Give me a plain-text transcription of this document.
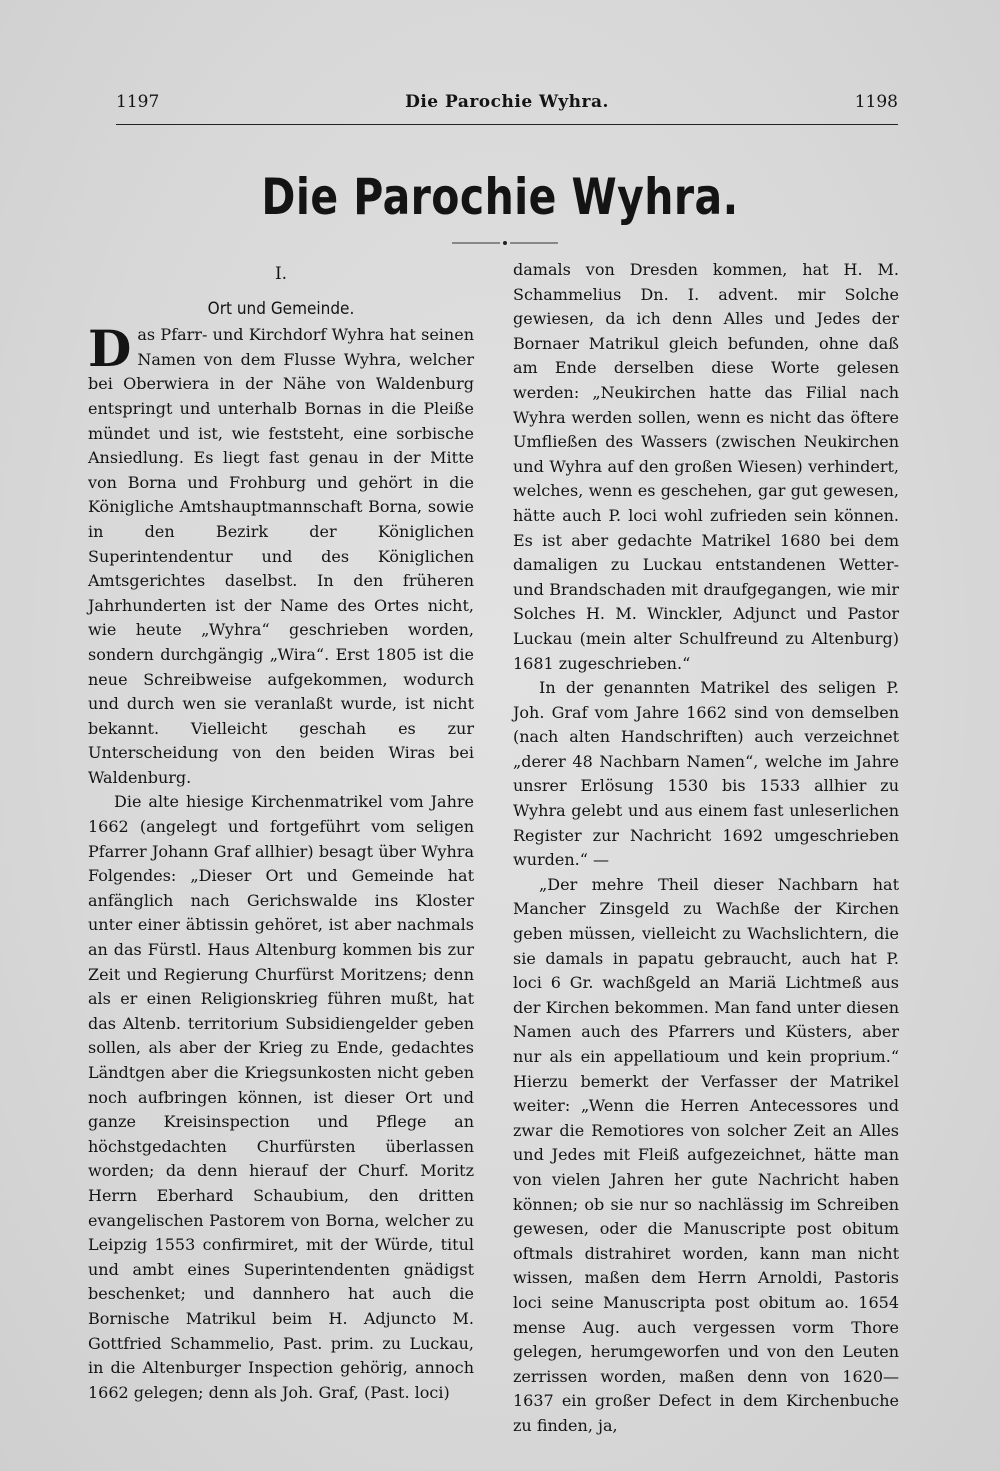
1197	Die Parochie Wyhra.	1198
Die Parochie Wyhra.
I.
Ort und Gemeinde.

Das Pfarr- und Kirchdorf Wyhra hat seinen Namen von dem Flusse Wyhra, welcher bei Oberwiera in der Nähe von Waldenburg entspringt und unterhalb Bornas in die Pleiße mündet und ist, wie feststeht, eine sorbische Ansiedlung. Es liegt fast genau in der Mitte von Borna und Frohburg und gehört in die Königliche Amtshauptmannschaft Borna, sowie in den Bezirk der Königlichen Superintendentur und des Königlichen Amtsgerichtes daselbst. In den früheren Jahrhunderten ist der Name des Ortes nicht, wie heute „Wyhra“ geschrieben worden, sondern durchgängig „Wira“. Erst 1805 ist die neue Schreibweise aufgekommen, wodurch und durch wen sie veranlaßt wurde, ist nicht bekannt. Vielleicht geschah es zur Unterscheidung von den beiden Wiras bei Waldenburg.

Die alte hiesige Kirchenmatrikel vom Jahre 1662 (angelegt und fortgeführt vom seligen Pfarrer Johann Graf allhier) besagt über Wyhra Folgendes: „Dieser Ort und Gemeinde hat anfänglich nach Gerichswalde ins Kloster unter einer äbtissin gehöret, ist aber nachmals an das Fürstl. Haus Altenburg kommen bis zur Zeit und Regierung Churfürst Moritzens; denn als er einen Religionskrieg führen mußt, hat das Altenb. territorium Subsidiengelder geben sollen, als aber der Krieg zu Ende, gedachtes Ländtgen aber die Kriegsunkosten nicht geben noch aufbringen können, ist dieser Ort und ganze Kreisinspection und Pflege an höchstgedachten Churfürsten überlassen worden; da denn hierauf der Churf. Moritz Herrn Eberhard Schaubium, den dritten evangelischen Pastorem von Borna, welcher zu Leipzig 1553 confirmiret, mit der Würde, titul und ambt eines Superintendenten gnädigst beschenket; und dannhero hat auch die Bornische Matrikul beim H. Adjuncto M. Gottfried Schammelio, Past. prim. zu Luckau, in die Altenburger Inspection gehörig, annoch 1662 gelegen; denn als Joh. Graf, (Past. loci)

damals von Dresden kommen, hat H. M. Schammelius Dn. I. advent. mir Solche gewiesen, da ich denn Alles und Jedes der Bornaer Matrikul gleich befunden, ohne daß am Ende derselben diese Worte gelesen werden: „Neukirchen hatte das Filial nach Wyhra werden sollen, wenn es nicht das öftere Umfließen des Wassers (zwischen Neukirchen und Wyhra auf den großen Wiesen) verhindert, welches, wenn es geschehen, gar gut gewesen, hätte auch P. loci wohl zufrieden sein können. Es ist aber gedachte Matrikel 1680 bei dem damaligen zu Luckau entstandenen Wetter- und Brandschaden mit draufgegangen, wie mir Solches H. M. Winckler, Adjunct und Pastor Luckau (mein alter Schulfreund zu Altenburg) 1681 zugeschrieben.“

In der genannten Matrikel des seligen P. Joh. Graf vom Jahre 1662 sind von demselben (nach alten Handschriften) auch verzeichnet „derer 48 Nachbarn Namen“, welche im Jahre unsrer Erlösung 1530 bis 1533 allhier zu Wyhra gelebt und aus einem fast unleserlichen Register zur Nachricht 1692 umgeschrieben wurden.“ —

„Der mehre Theil dieser Nachbarn hat Mancher Zinsgeld zu Wachße der Kirchen geben müssen, vielleicht zu Wachslichtern, die sie damals in papatu gebraucht, auch hat P. loci 6 Gr. wachßgeld an Mariä Lichtmeß aus der Kirchen bekommen. Man fand unter diesen Namen auch des Pfarrers und Küsters, aber nur als ein appellatioum und kein proprium.“ Hierzu bemerkt der Verfasser der Matrikel weiter: „Wenn die Herren Antecessores und zwar die Remotiores von solcher Zeit an Alles und Jedes mit Fleiß aufgezeichnet, hätte man von vielen Jahren her gute Nachricht haben können; ob sie nur so nachlässig im Schreiben gewesen, oder die Manuscripte post obitum oftmals distrahiret worden, kann man nicht wissen, maßen dem Herrn Arnoldi, Pastoris loci seine Manuscripta post obitum ao. 1654 mense Aug. auch vergessen vorm Thore gelegen, herumgeworfen und von den Leuten zerrissen worden, maßen denn von 1620—1637 ein großer Defect in dem Kirchenbuche zu finden, ja,
